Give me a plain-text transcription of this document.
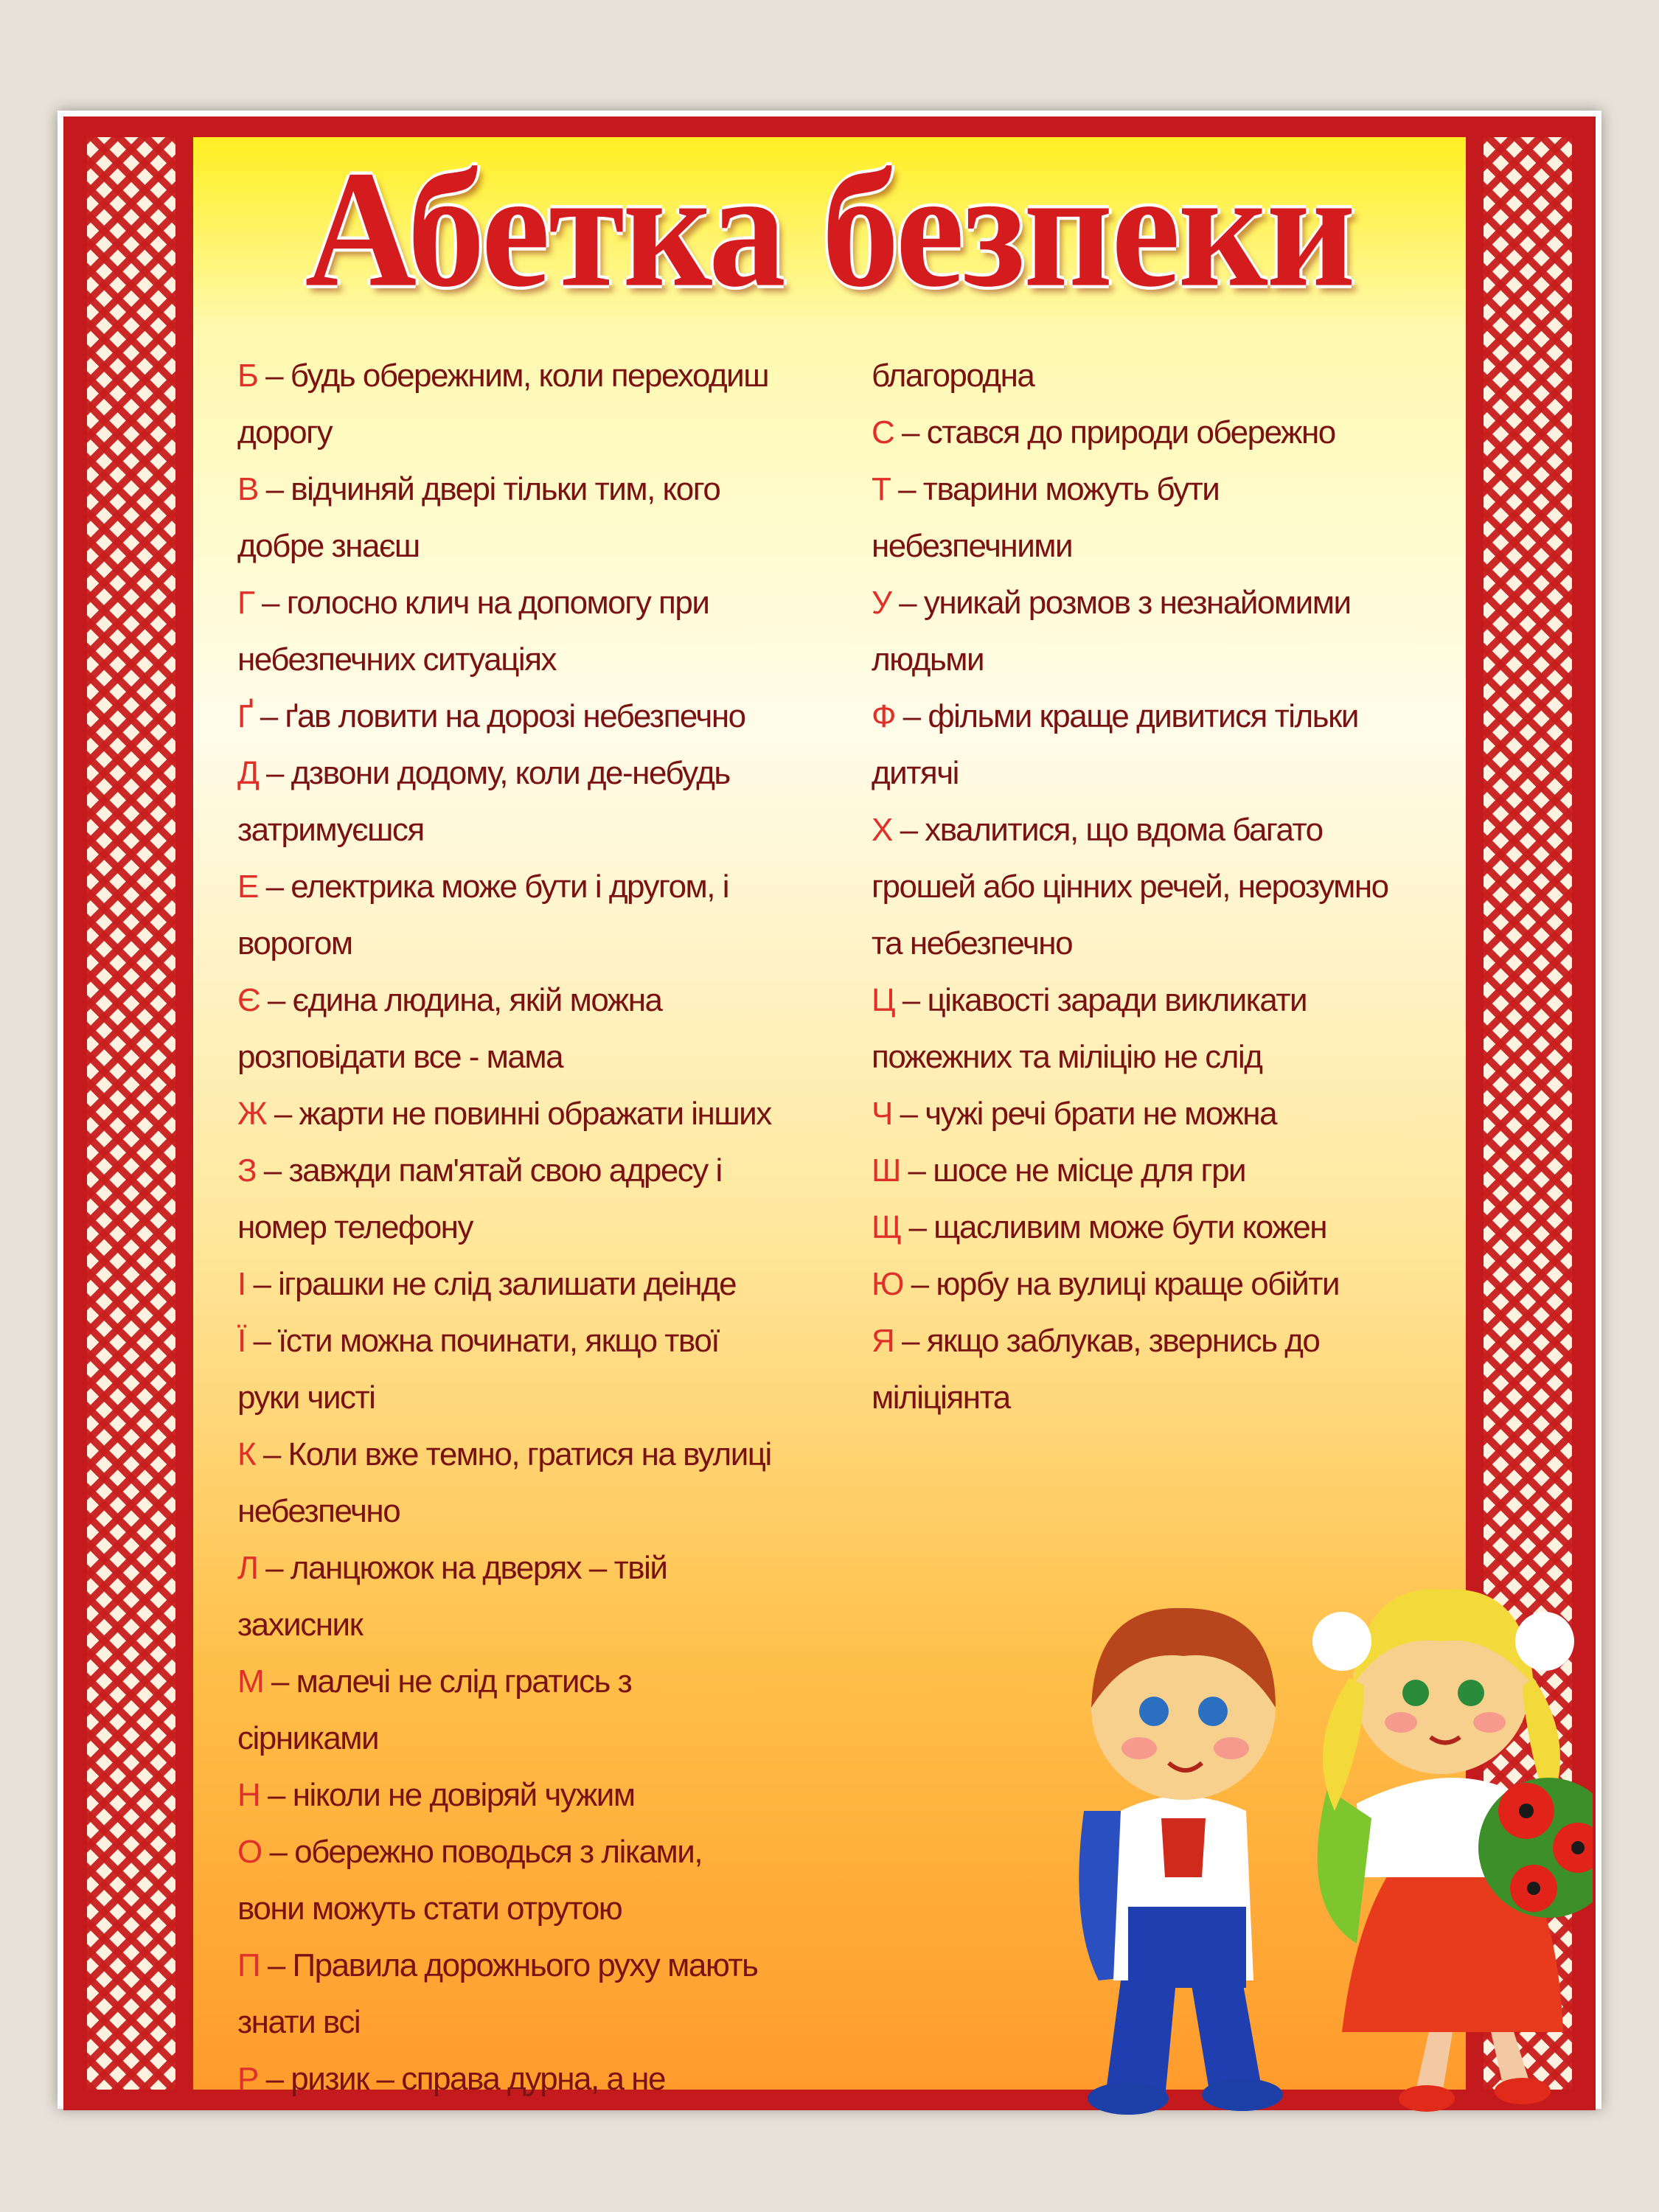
Абетка безпеки
Б – будь обережним, коли переходиш
дорогу
В – відчиняй двері тільки тим, кого
добре знаєш
Г – голосно клич на допомогу при
небезпечних ситуаціях
Ґ – ґав ловити на дорозі небезпечно
Д – дзвони додому, коли де-небудь
затримуєшся
Е – електрика може бути і другом, і
ворогом
Є – єдина людина, якій можна
розповідати все - мама
Ж – жарти не повинні ображати інших
З – завжди пам'ятай свою адресу і
номер телефону
І – іграшки не слід залишати деінде
Ї – їсти можна починати, якщо твої
руки чисті
К – Коли вже темно, гратися на вулиці
небезпечно
Л – ланцюжок на дверях – твій
захисник
М – малечі не слід гратись з
сірниками
Н – ніколи не довіряй чужим
О – обережно поводься з ліками,
вони можуть стати отрутою
П – Правила дорожнього руху мають
знати всі
Р – ризик – справа дурна, а не
благородна
С – стався до природи обережно
Т – тварини можуть бути
небезпечними
У – уникай розмов з незнайомими
людьми
Ф – фільми краще дивитися тільки
дитячі
Х – хвалитися, що вдома багато
грошей або цінних речей, нерозумно
та небезпечно
Ц – цікавості заради викликати
пожежних та міліцію не слід
Ч – чужі речі брати не можна
Ш – шосе не місце для гри
Щ – щасливим може бути кожен
Ю – юрбу на вулиці краще обійти
Я – якщо заблукав, звернись до
міліціянта
